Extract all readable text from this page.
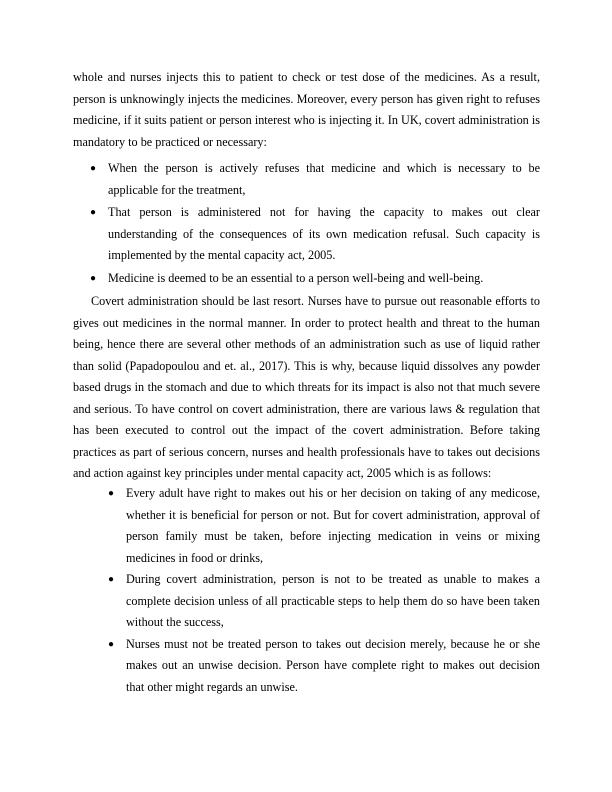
whole and nurses injects this to patient to check or test dose of the medicines. As a result, person is unknowingly injects the medicines. Moreover, every person has given right to refuses medicine, if it suits patient or person interest who is injecting it. In UK, covert administration is mandatory to be practiced or necessary:

● When the person is actively refuses that medicine and which is necessary to be applicable for the treatment,
● That person is administered not for having the capacity to makes out clear understanding of the consequences of its own medication refusal. Such capacity is implemented by the mental capacity act, 2005.
● Medicine is deemed to be an essential to a person well-being and well-being.

Covert administration should be last resort. Nurses have to pursue out reasonable efforts to gives out medicines in the normal manner. In order to protect health and threat to the human being, hence there are several other methods of an administration such as use of liquid rather than solid (Papadopoulou and et. al., 2017). This is why, because liquid dissolves any powder based drugs in the stomach and due to which threats for its impact is also not that much severe and serious. To have control on covert administration, there are various laws & regulation that has been executed to control out the impact of the covert administration. Before taking practices as part of serious concern, nurses and health professionals have to takes out decisions and action against key principles under mental capacity act, 2005 which is as follows:

● Every adult have right to makes out his or her decision on taking of any medicose, whether it is beneficial for person or not. But for covert administration, approval of person family must be taken, before injecting medication in veins or mixing medicines in food or drinks,
● During covert administration, person is not to be treated as unable to makes a complete decision unless of all practicable steps to help them do so have been taken without the success,
● Nurses must not be treated person to takes out decision merely, because he or she makes out an unwise decision. Person have complete right to makes out decision that other might regards an unwise.
